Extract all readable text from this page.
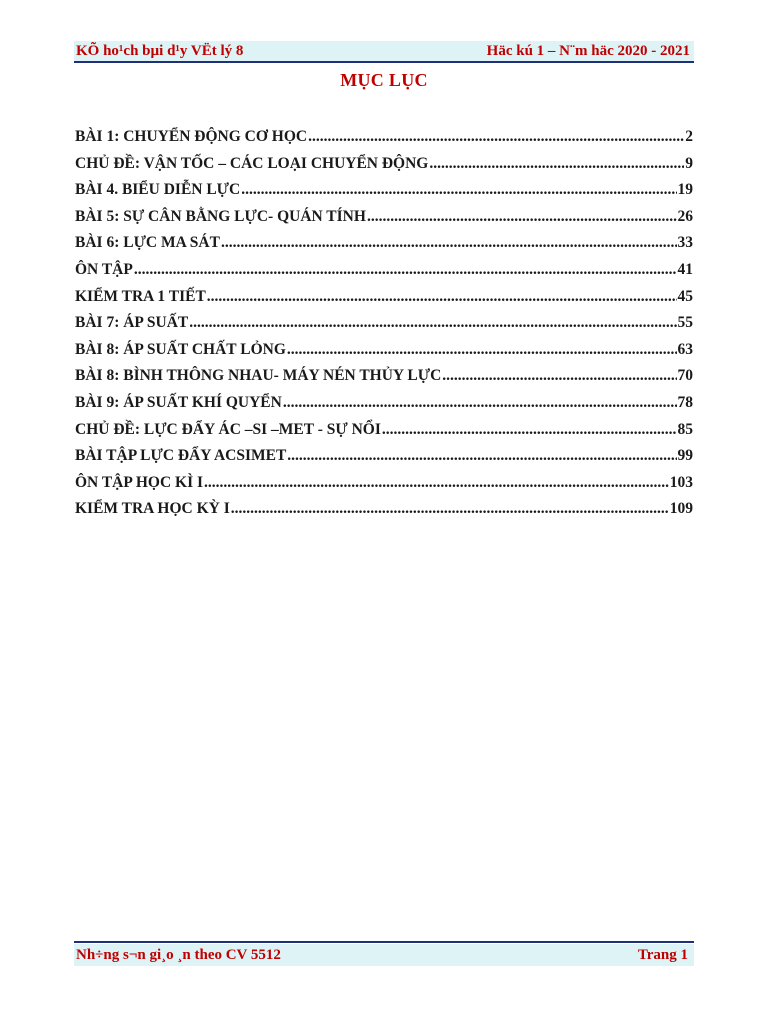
KÕ ho¹ch bµi d¹y VËt lý 8	Häc kú 1 – N¨m häc 2020 - 2021
MỤC LỤC
BÀI 1: CHUYỂN ĐỘNG CƠ HỌC .....	2
CHỦ ĐỀ: VẬN TỐC – CÁC LOẠI CHUYỂN ĐỘNG .....	9
BÀI 4. BIỂU DIỄN LỰC .....	19
BÀI 5: SỰ CÂN BẰNG LỰC- QUÁN TÍNH .....	26
BÀI 6: LỰC MA SÁT .....	33
ÔN TẬP .....	41
KIỂM TRA 1 TIẾT .....	45
BÀI 7: ÁP SUẤT .....	55
BÀI 8: ÁP SUẤT CHẤT LỎNG .....	63
BÀI 8: BÌNH THÔNG NHAU- MÁY NÉN THỦY LỰC .....	70
BÀI 9: ÁP SUẤT KHÍ QUYỂN .....	78
CHỦ ĐỀ: LỰC ĐẨY ÁC –SI –MET - SỰ NỔI .....	85
BÀI TẬP LỰC ĐẨY ACSIMET .....	99
ÔN TẬP HỌC KÌ I .....	103
KIỂM TRA HỌC KỲ I .....	109
Nh÷ng s¬n gi¸o ¸n theo CV 5512	Trang 1
